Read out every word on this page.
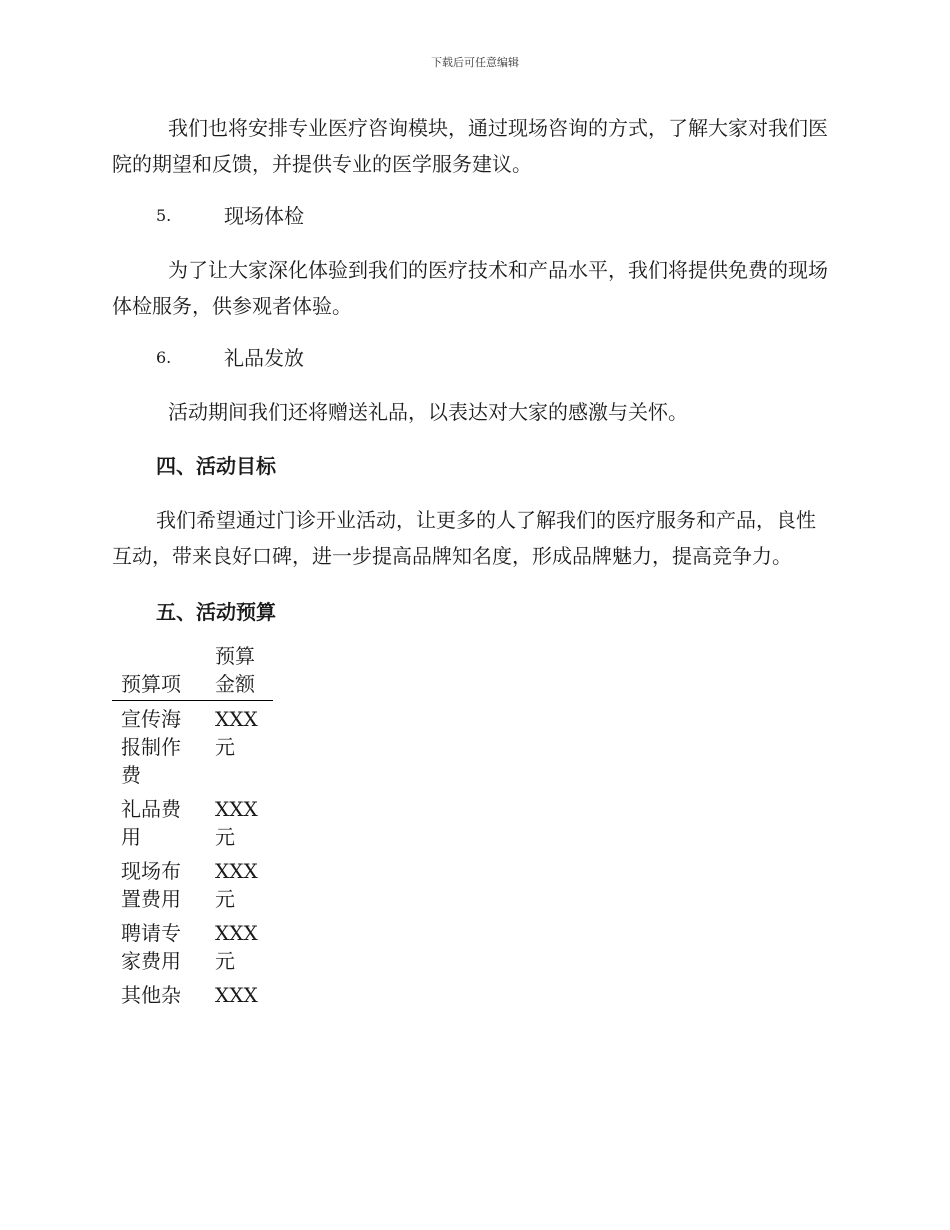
下载后可任意编辑

我们也将安排专业医疗咨询模块，通过现场咨询的方式，了解大家对我们医院的期望和反馈，并提供专业的医学服务建议。

5.	现场体检

为了让大家深化体验到我们的医疗技术和产品水平，我们将提供免费的现场体检服务，供参观者体验。

6.	礼品发放

活动期间我们还将赠送礼品，以表达对大家的感激与关怀。

四、活动目标

我们希望通过门诊开业活动，让更多的人了解我们的医疗服务和产品，良性互动，带来良好口碑，进一步提高品牌知名度，形成品牌魅力，提高竞争力。

五、活动预算
预算项	预算金额
宣传海报制作费	XXX元
礼品费用	XXX元
现场布置费用	XXX元
聘请专家费用	XXX元
其他杂	XXX
